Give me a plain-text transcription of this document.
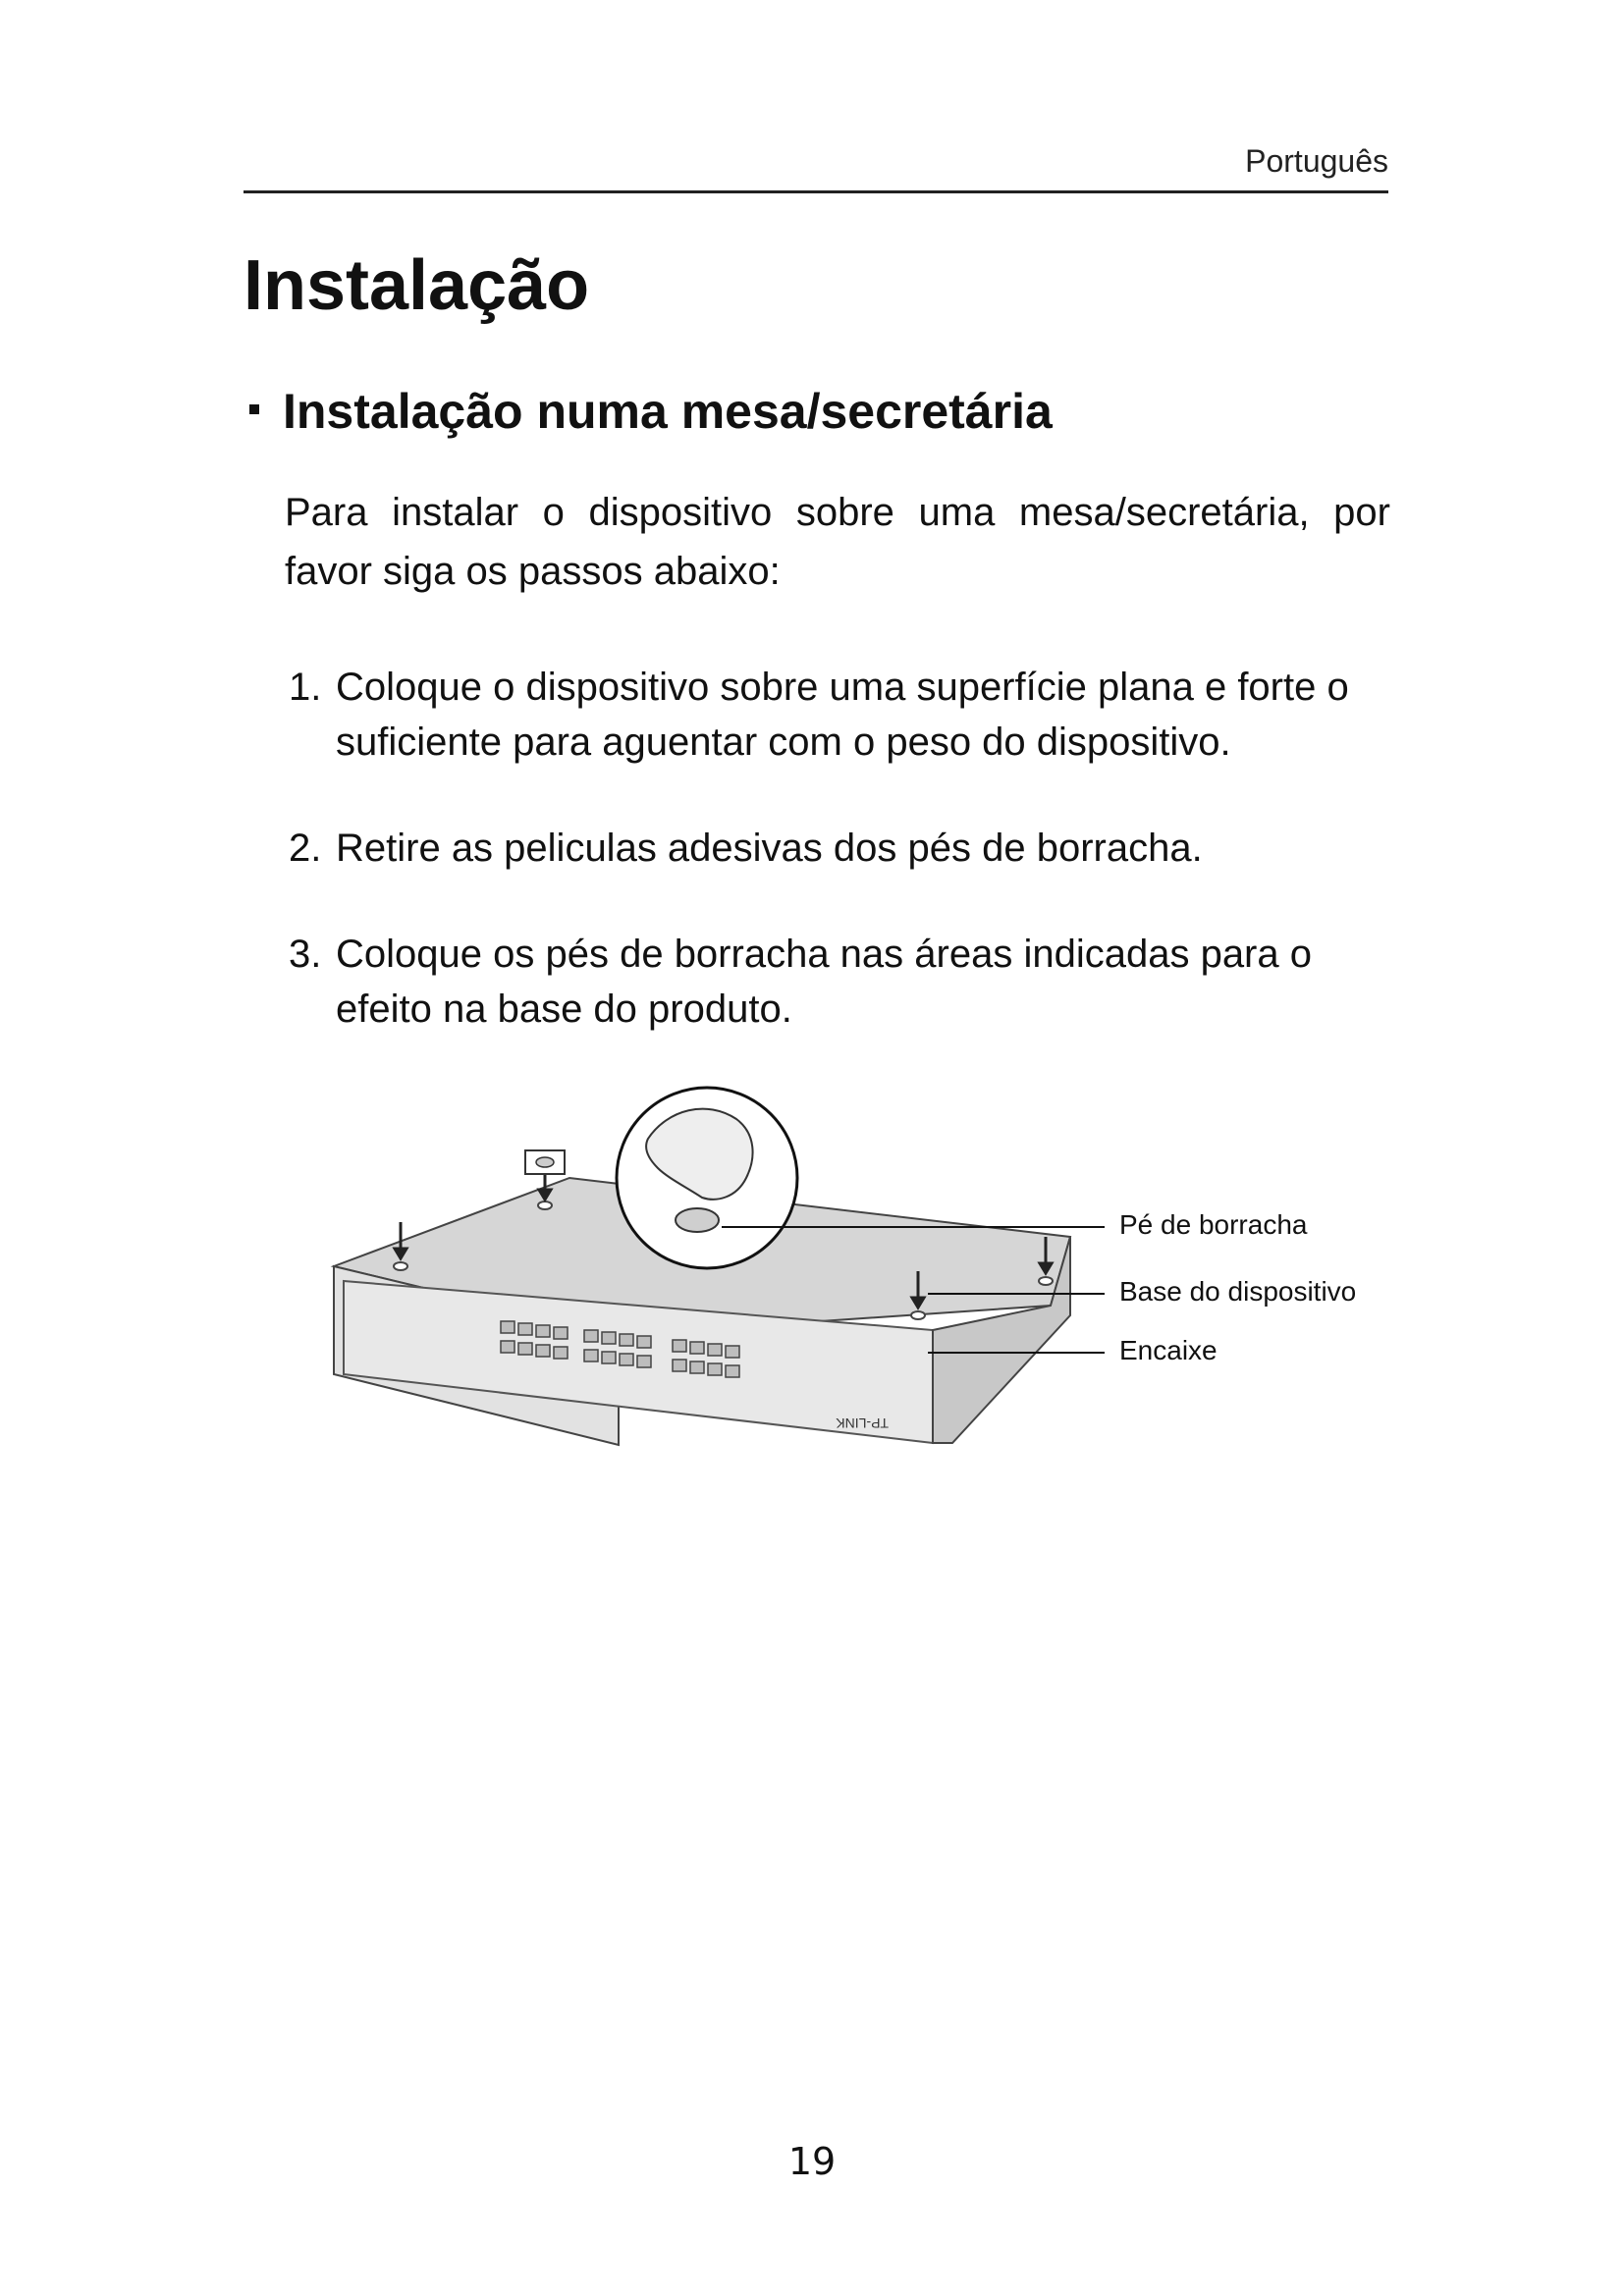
Português
Instalação
Instalação numa mesa/secretária

Para instalar o dispositivo sobre uma mesa/secretária, por favor siga os passos abaixo:

1. Coloque o dispositivo sobre uma superfície plana e forte o suficiente para aguentar com o peso do dispositivo.
2. Retire as peliculas adesivas dos pés de borracha.
3. Coloque os pés de borracha nas áreas indicadas para o efeito na base do produto.
TP-LINK
Pé de borracha
Base do dispositivo
Encaixe
19
